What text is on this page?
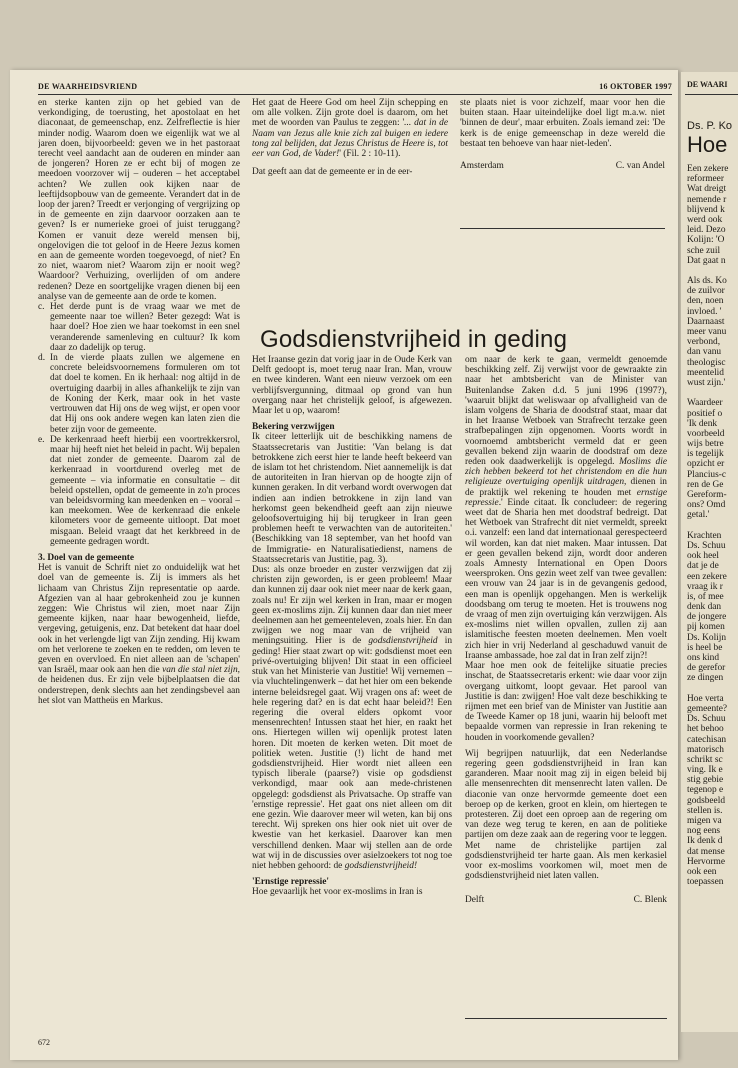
DE WAARHEIDSVRIEND	16 OKTOBER 1997

en sterke kanten zijn op het gebied van de verkondiging, de toerusting, het apostolaat en het diaconaat, de gemeenschap, enz. Zelfreflectie is hier minder nodig. Waarom doen we eigenlijk wat we al jaren doen, bijvoorbeeld: geven we in het pastoraat terecht veel aandacht aan de ouderen en minder aan de jongeren? Horen ze er echt bij of mogen ze meedoen voorzover wij – ouderen – het acceptabel achten? We zullen ook kijken naar de leeftijdsopbouw van de gemeente. Verandert dat in de loop der jaren? Treedt er verjonging of vergrijzing op in de gemeente en zijn daarvoor oorzaken aan te geven? Is er numerieke groei of juist teruggang? Komen er vanuit deze wereld mensen bij, ongelovigen die tot geloof in de Heere Jezus komen en aan de gemeente worden toegevoegd, of niet? En zo niet, waarom niet? Waarom zijn er nooit weg? Waardoor? Verhuizing, overlijden of om andere redenen? Deze en soortgelijke vragen dienen bij een analyse van de gemeente aan de orde te komen.

c. Het derde punt is de vraag waar we met de gemeente naar toe willen? Beter gezegd: Wat is haar doel? Hoe zien we haar toekomst in een snel veranderende samenleving en cultuur? Ik kom daar zo dadelijk op terug.
d. In de vierde plaats zullen we algemene en concrete beleidsvoornemens formuleren om tot dat doel te komen. En ik herhaal: nog altijd in de overtuiging daarbij in alles afhankelijk te zijn van de Koning der Kerk, maar ook in het vaste vertrouwen dat Hij ons de weg wijst, er open voor dat Hij ons ook andere wegen kan laten zien die beter zijn voor de gemeente.
e. De kerkenraad heeft hierbij een voortrekkersrol, maar hij heeft niet het beleid in pacht. Wij bepalen dat niet zonder de gemeente. Daarom zal de kerkenraad in voortdurend overleg met de gemeente – via informatie en consultatie – dit beleid opstellen, opdat de gemeente in zo'n proces van beleidsvorming kan meedenken en – vooral – kan meekomen. Wee de kerkenraad die enkele kilometers voor de gemeente uitloopt. Dat moet misgaan. Beleid vraagt dat het kerkbreed in de gemeente gedragen wordt.

3. Doel van de gemeente

Het is vanuit de Schrift niet zo onduidelijk wat het doel van de gemeente is. Zij is immers als het lichaam van Christus Zijn representatie op aarde. Afgezien van al haar gebrokenheid zou je kunnen zeggen: Wie Christus wil zien, moet naar Zijn gemeente kijken, naar haar bewogenheid, liefde, vergeving, getuigenis, enz. Dat betekent dat haar doel ook in het verlengde ligt van Zijn zending. Hij kwam om het verlorene te zoeken en te redden, om leven te geven en overvloed. En niet alleen aan de 'schapen' van Israël, maar ook aan hen die van die stal niet zijn, de heidenen dus. Er zijn vele bijbelplaatsen die dat onderstrepen, denk slechts aan het zendingsbevel aan het slot van Mattheüs en Markus.

Het gaat de Heere God om heel Zijn schepping en om alle volken. Zijn grote doel is daarom, om het met de woorden van Paulus te zeggen: '... dat in de Naam van Jezus alle knie zich zal buigen en iedere tong zal belijden, dat Jezus Christus de Heere is, tot eer van God, de Vader!' (Fil. 2 : 10-11).

Dat geeft aan dat de gemeente er in de eer-

ste plaats niet is voor zichzelf, maar voor hen die buiten staan. Haar uiteindelijke doel ligt m.a.w. niet 'binnen de deur', maar erbuiten. Zoals iemand zei: 'De kerk is de enige gemeenschap in deze wereld die bestaat ten behoeve van haar niet-leden'.

Amsterdam	C. van Andel
Godsdienstvrijheid in geding

Het Iraanse gezin dat vorig jaar in de Oude Kerk van Delft gedoopt is, moet terug naar Iran. Man, vrouw en twee kinderen. Want een nieuw verzoek om een verblijfsvergunning, ditmaal op grond van hun overgang naar het christelijk geloof, is afgewezen. Maar let u op, waarom!

Bekering verzwijgen

Ik citeer letterlijk uit de beschikking namens de Staatssecretaris van Justitie: 'Van belang is dat betrokkene zich eerst hier te lande heeft bekeerd van de islam tot het christendom. Niet aannemelijk is dat de autoriteiten in Iran hiervan op de hoogte zijn of kunnen geraken. In dit verband wordt overwogen dat indien aan indien betrokkene in zijn land van herkomst geen bekendheid geeft aan zijn nieuwe geloofsovertuiging hij bij terugkeer in Iran geen problemen heeft te verwachten van de autoriteiten.' (Beschikking van 18 september, van het hoofd van de Immigratie- en Naturalisatiedienst, namens de Staatssecretaris van Justitie, pag. 3).

Dus: als onze broeder en zuster verzwijgen dat zij christen zijn geworden, is er geen probleem! Maar dan kunnen zij daar ook niet meer naar de kerk gaan, zoals nu! Er zijn wel kerken in Iran, maar er mogen geen ex-moslims zijn. Zij kunnen daar dan niet meer deelnemen aan het gemeenteleven, zoals hier. En dan zwijgen we nog maar van de vrijheid van meningsuiting. Hier is de godsdienstvrijheid in geding! Hier staat zwart op wit: godsdienst moet een privé-overtuiging blijven! Dit staat in een officieel stuk van het Ministerie van Justitie! Wij vernemen – via vluchtelingenwerk – dat het hier om een bekende interne beleidsregel gaat. Wij vragen ons af: weet de hele regering dat? en is dat echt haar beleid?! Een regering die overal elders opkomt voor mensenrechten! Intussen staat het hier, en raakt het ons. Hiertegen willen wij openlijk protest laten horen. Dit moeten de kerken weten. Dit moet de politiek weten. Justitie (!) licht de hand met godsdienstvrijheid. Hier wordt niet alleen een typisch liberale (paarse?) visie op godsdienst verkondigd, maar ook aan mede-christenen opgelegd: godsdienst als Privatsache. Op straffe van 'ernstige repressie'. Het gaat ons niet alleen om dit ene gezin. Wie daarover meer wil weten, kan bij ons terecht. Wij spreken ons hier ook niet uit over de kwestie van het kerkasiel. Daarover kan men verschillend denken. Maar wij stellen aan de orde wat wij in de discussies over asielzoekers tot nog toe niet hebben gehoord: de godsdienstvrijheid!

'Ernstige repressie'

Hoe gevaarlijk het voor ex-moslims in Iran is

om naar de kerk te gaan, vermeldt genoemde beschikking zelf. Zij verwijst voor de gewraakte zin naar het ambtsbericht van de Minister van Buitenlandse Zaken d.d. 5 juni 1996 (1997?), 'waaruit blijkt dat weliswaar op afvalligheid van de islam volgens de Sharia de doodstraf staat, maar dat in het Iraanse Wetboek van Strafrecht terzake geen strafbepalingen zijn opgenomen. Voorts wordt in voornoemd ambtsbericht vermeld dat er geen gevallen bekend zijn waarin de doodstraf om deze reden ook daadwerkelijk is opgelegd. Moslims die zich hebben bekeerd tot het christendom en die hun religieuze overtuiging openlijk uitdragen, dienen in de praktijk wel rekening te houden met ernstige repressie.' Einde citaat. Ik concludeer: de regering weet dat de Sharia hen met doodstraf bedreigt. Dat het Wetboek van Strafrecht dit niet vermeldt, spreekt o.i. vanzelf: een land dat internationaal gerespecteerd wil worden, kan dat niet maken. Maar intussen. Dat er geen gevallen bekend zijn, wordt door anderen zoals Amnesty International en Open Doors weersproken. Ons gezin weet zelf van twee gevallen: een vrouw van 24 jaar is in de gevangenis gedood, een man is openlijk opgehangen. Men is werkelijk doodsbang om terug te moeten. Het is trouwens nog de vraag of men zijn overtuiging kán verzwijgen. Als ex-moslims niet willen opvallen, zullen zij aan islamitische feesten moeten deelnemen. Men voelt zich hier in vrij Nederland al geschaduwd vanuit de Iraanse ambassade, hoe zal dat in Iran zelf zijn?!

Maar hoe men ook de feitelijke situatie precies inschat, de Staatssecretaris erkent: wie daar voor zijn overgang uitkomt, loopt gevaar. Het parool van Justitie is dan: zwijgen! Hoe valt deze beschikking te rijmen met een brief van de Minister van Justitie aan de Tweede Kamer op 18 juni, waarin hij belooft met bepaalde vormen van repressie in Iran rekening te houden in voorkomende gevallen?

Wij begrijpen natuurlijk, dat een Nederlandse regering geen godsdienstvrijheid in Iran kan garanderen. Maar nooit mag zij in eigen beleid bij alle mensenrechten dit mensenrecht laten vallen. De diaconie van onze hervormde gemeente doet een beroep op de kerken, groot en klein, om hiertegen te protesteren. Zij doet een oproep aan de regering om van deze weg terug te keren, en aan de politieke partijen om deze zaak aan de regering voor te leggen. Met name de christelijke partijen zal godsdienstvrijheid ter harte gaan. Als men kerkasiel voor ex-moslims voorkomen wil, moet men de godsdienstvrijheid niet laten vallen.

Delft	C. Blenk
672
DE WAARI
Ds. P. Ko
Hoe
Een zekere
reformeer
Wat dreigt
nemende r
blijvend k
werd ook
leid. Dezo
Kolijn: 'O
sche zuil
Dat gaat n
Als ds. Ko
de zuilvor
den, noen
invloed. '
Daarnaast
meer vanu
verbond,
dan vanu
theologisc
meentelid
wust zijn.'
Waardeer
positief o
'Ik denk
voorbeeld
wijs betre
is tegelijk
opzicht er
Plancius-c
ren de Ge
Gereform-
ons? Omd
getal.'
Krachten
Ds. Schuu
ook heel
dat je de
een zekere
vraag ik r
is, of mee
denk dan
de jongere
pij komen
Ds. Kolijn
is heel be
ons kind
de gerefor
ze dingen
Hoe verta
gemeente?
Ds. Schuu
het behoo
catechisan
matorisch
schrikt sc
ving. Ik e
stig gebie
tegenop e
godsbeeld
stellen is.
migen va
nog eens
Ik denk d
dat mense
Hervorme
ook een
toepassen
